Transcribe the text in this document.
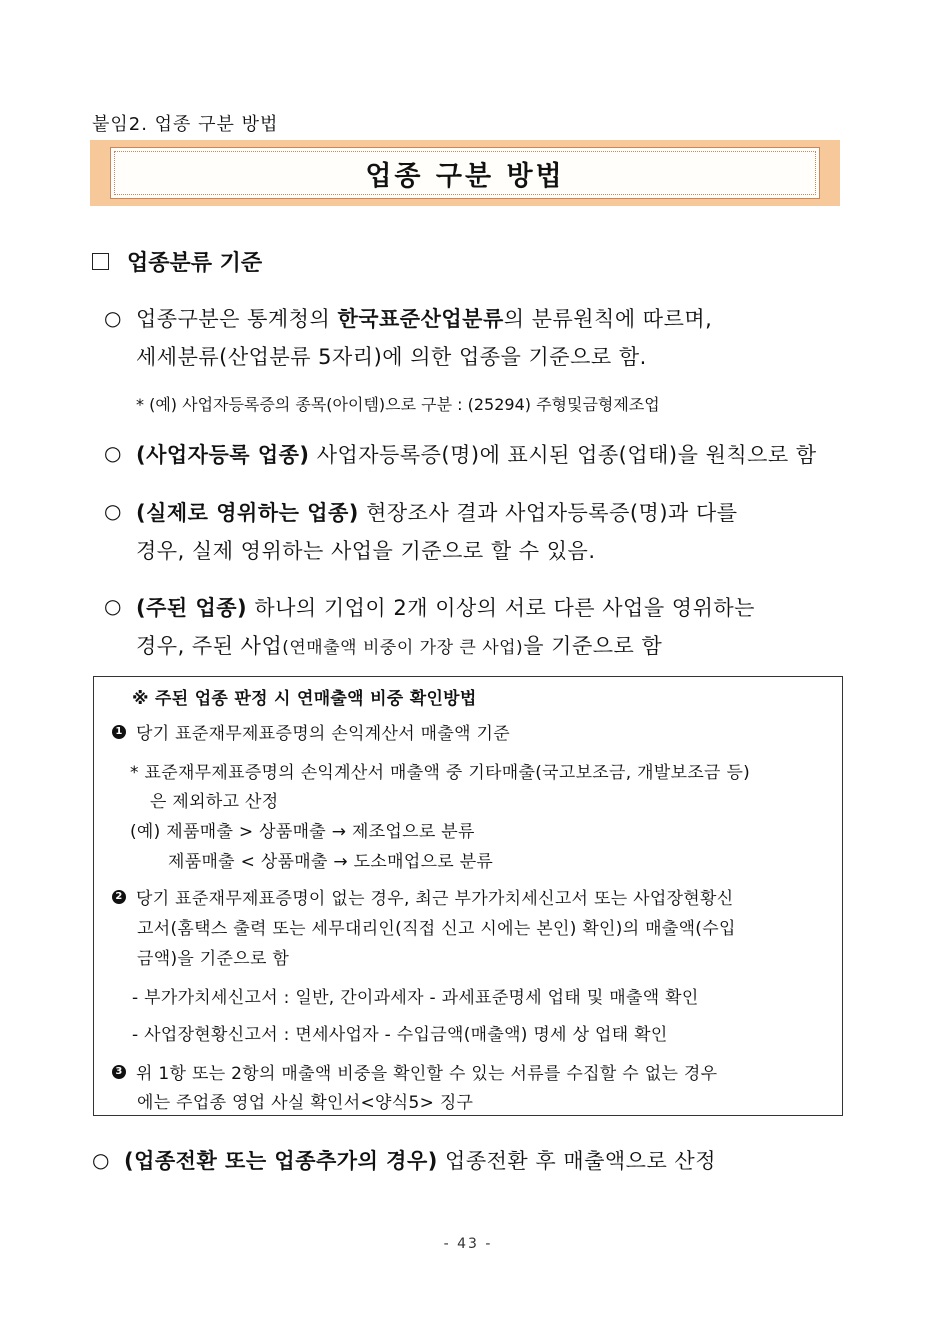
붙임2. 업종 구분 방법
업종 구분 방법
업종분류 기준
○ 업종구분은 통계청의 한국표준산업분류의 분류원칙에 따르며,
세세분류(산업분류 5자리)에 의한 업종을 기준으로 함.
* (예) 사업자등록증의 종목(아이템)으로 구분 : (25294) 주형및금형제조업
○ (사업자등록 업종) 사업자등록증(명)에 표시된 업종(업태)을 원칙으로 함
○ (실제로 영위하는 업종) 현장조사 결과 사업자등록증(명)과 다를
경우, 실제 영위하는 사업을 기준으로 할 수 있음.
○ (주된 업종) 하나의 기업이 2개 이상의 서로 다른 사업을 영위하는
경우, 주된 사업(연매출액 비중이 가장 큰 사업)을 기준으로 함
※ 주된 업종 판정 시 연매출액 비중 확인방법
1 당기 표준재무제표증명의 손익계산서 매출액 기준
* 표준재무제표증명의 손익계산서 매출액 중 기타매출(국고보조금, 개발보조금 등)
은 제외하고 산정
(예) 제품매출 > 상품매출 → 제조업으로 분류
제품매출 < 상품매출 → 도소매업으로 분류
2 당기 표준재무제표증명이 없는 경우, 최근 부가가치세신고서 또는 사업장현황신
고서(홈택스 출력 또는 세무대리인(직접 신고 시에는 본인) 확인)의 매출액(수입
금액)을 기준으로 함
- 부가가치세신고서 : 일반, 간이과세자 - 과세표준명세 업태 및 매출액 확인
- 사업장현황신고서 : 면세사업자 - 수입금액(매출액) 명세 상 업태 확인
3 위 1항 또는 2항의 매출액 비중을 확인할 수 있는 서류를 수집할 수 없는 경우
에는 주업종 영업 사실 확인서<양식5> 징구
○ (업종전환 또는 업종추가의 경우) 업종전환 후 매출액으로 산정
- 43 -
